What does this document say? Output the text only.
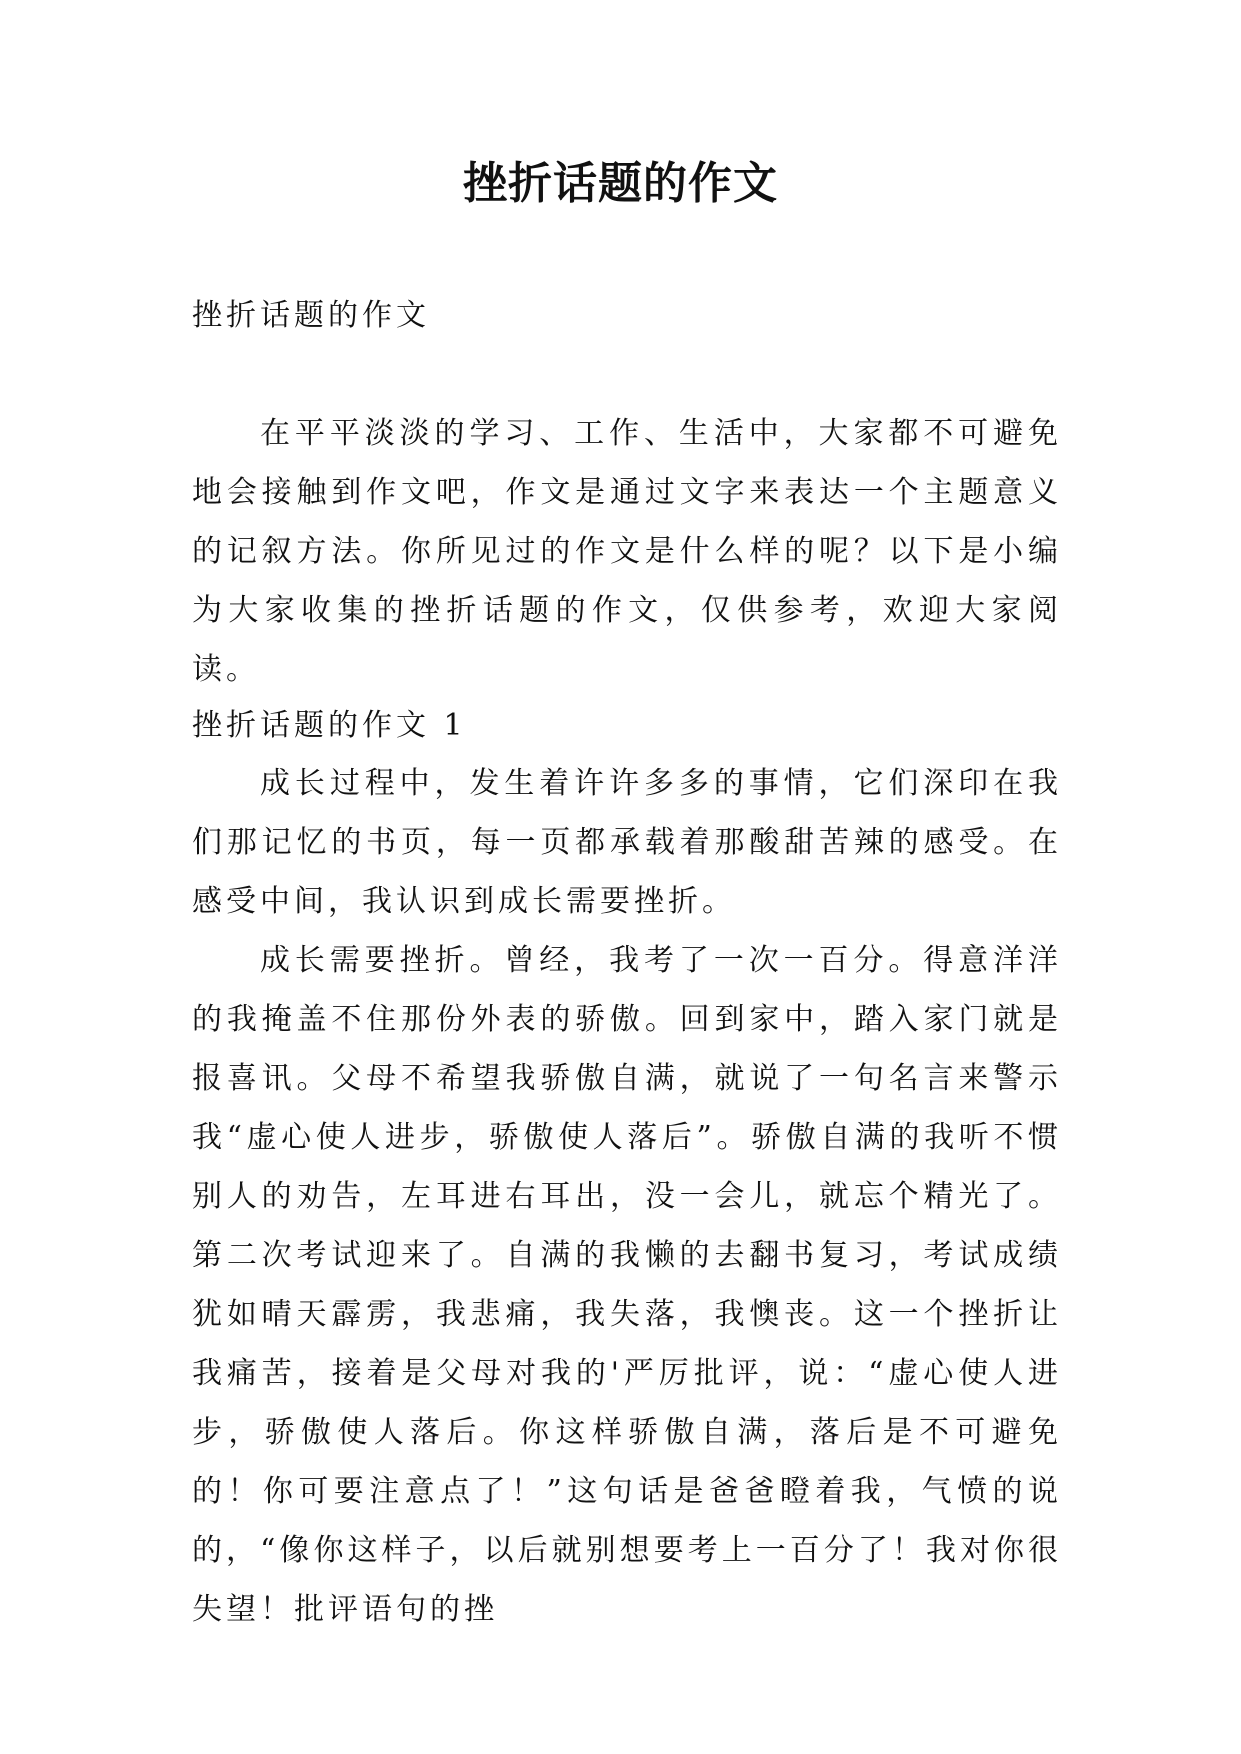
挫折话题的作文
挫折话题的作文
在平平淡淡的学习、工作、生活中，大家都不可避免地会接触到作文吧，作文是通过文字来表达一个主题意义的记叙方法。你所见过的作文是什么样的呢？以下是小编为大家收集的挫折话题的作文，仅供参考，欢迎大家阅读。
挫折话题的作文 1
成长过程中，发生着许许多多的事情，它们深印在我们那记忆的书页，每一页都承载着那酸甜苦辣的感受。在感受中间，我认识到成长需要挫折。
成长需要挫折。曾经，我考了一次一百分。得意洋洋的我掩盖不住那份外表的骄傲。回到家中，踏入家门就是报喜讯。父母不希望我骄傲自满，就说了一句名言来警示我“虚心使人进步，骄傲使人落后”。骄傲自满的我听不惯别人的劝告，左耳进右耳出，没一会儿，就忘个精光了。第二次考试迎来了。自满的我懒的去翻书复习，考试成绩犹如晴天霹雳，我悲痛，我失落，我懊丧。这一个挫折让我痛苦，接着是父母对我的'严厉批评，说：“虚心使人进步，骄傲使人落后。你这样骄傲自满，落后是不可避免的！你可要注意点了！”这句话是爸爸瞪着我，气愤的说的，“像你这样子，以后就别想要考上一百分了！我对你很失望！批评语句的挫
